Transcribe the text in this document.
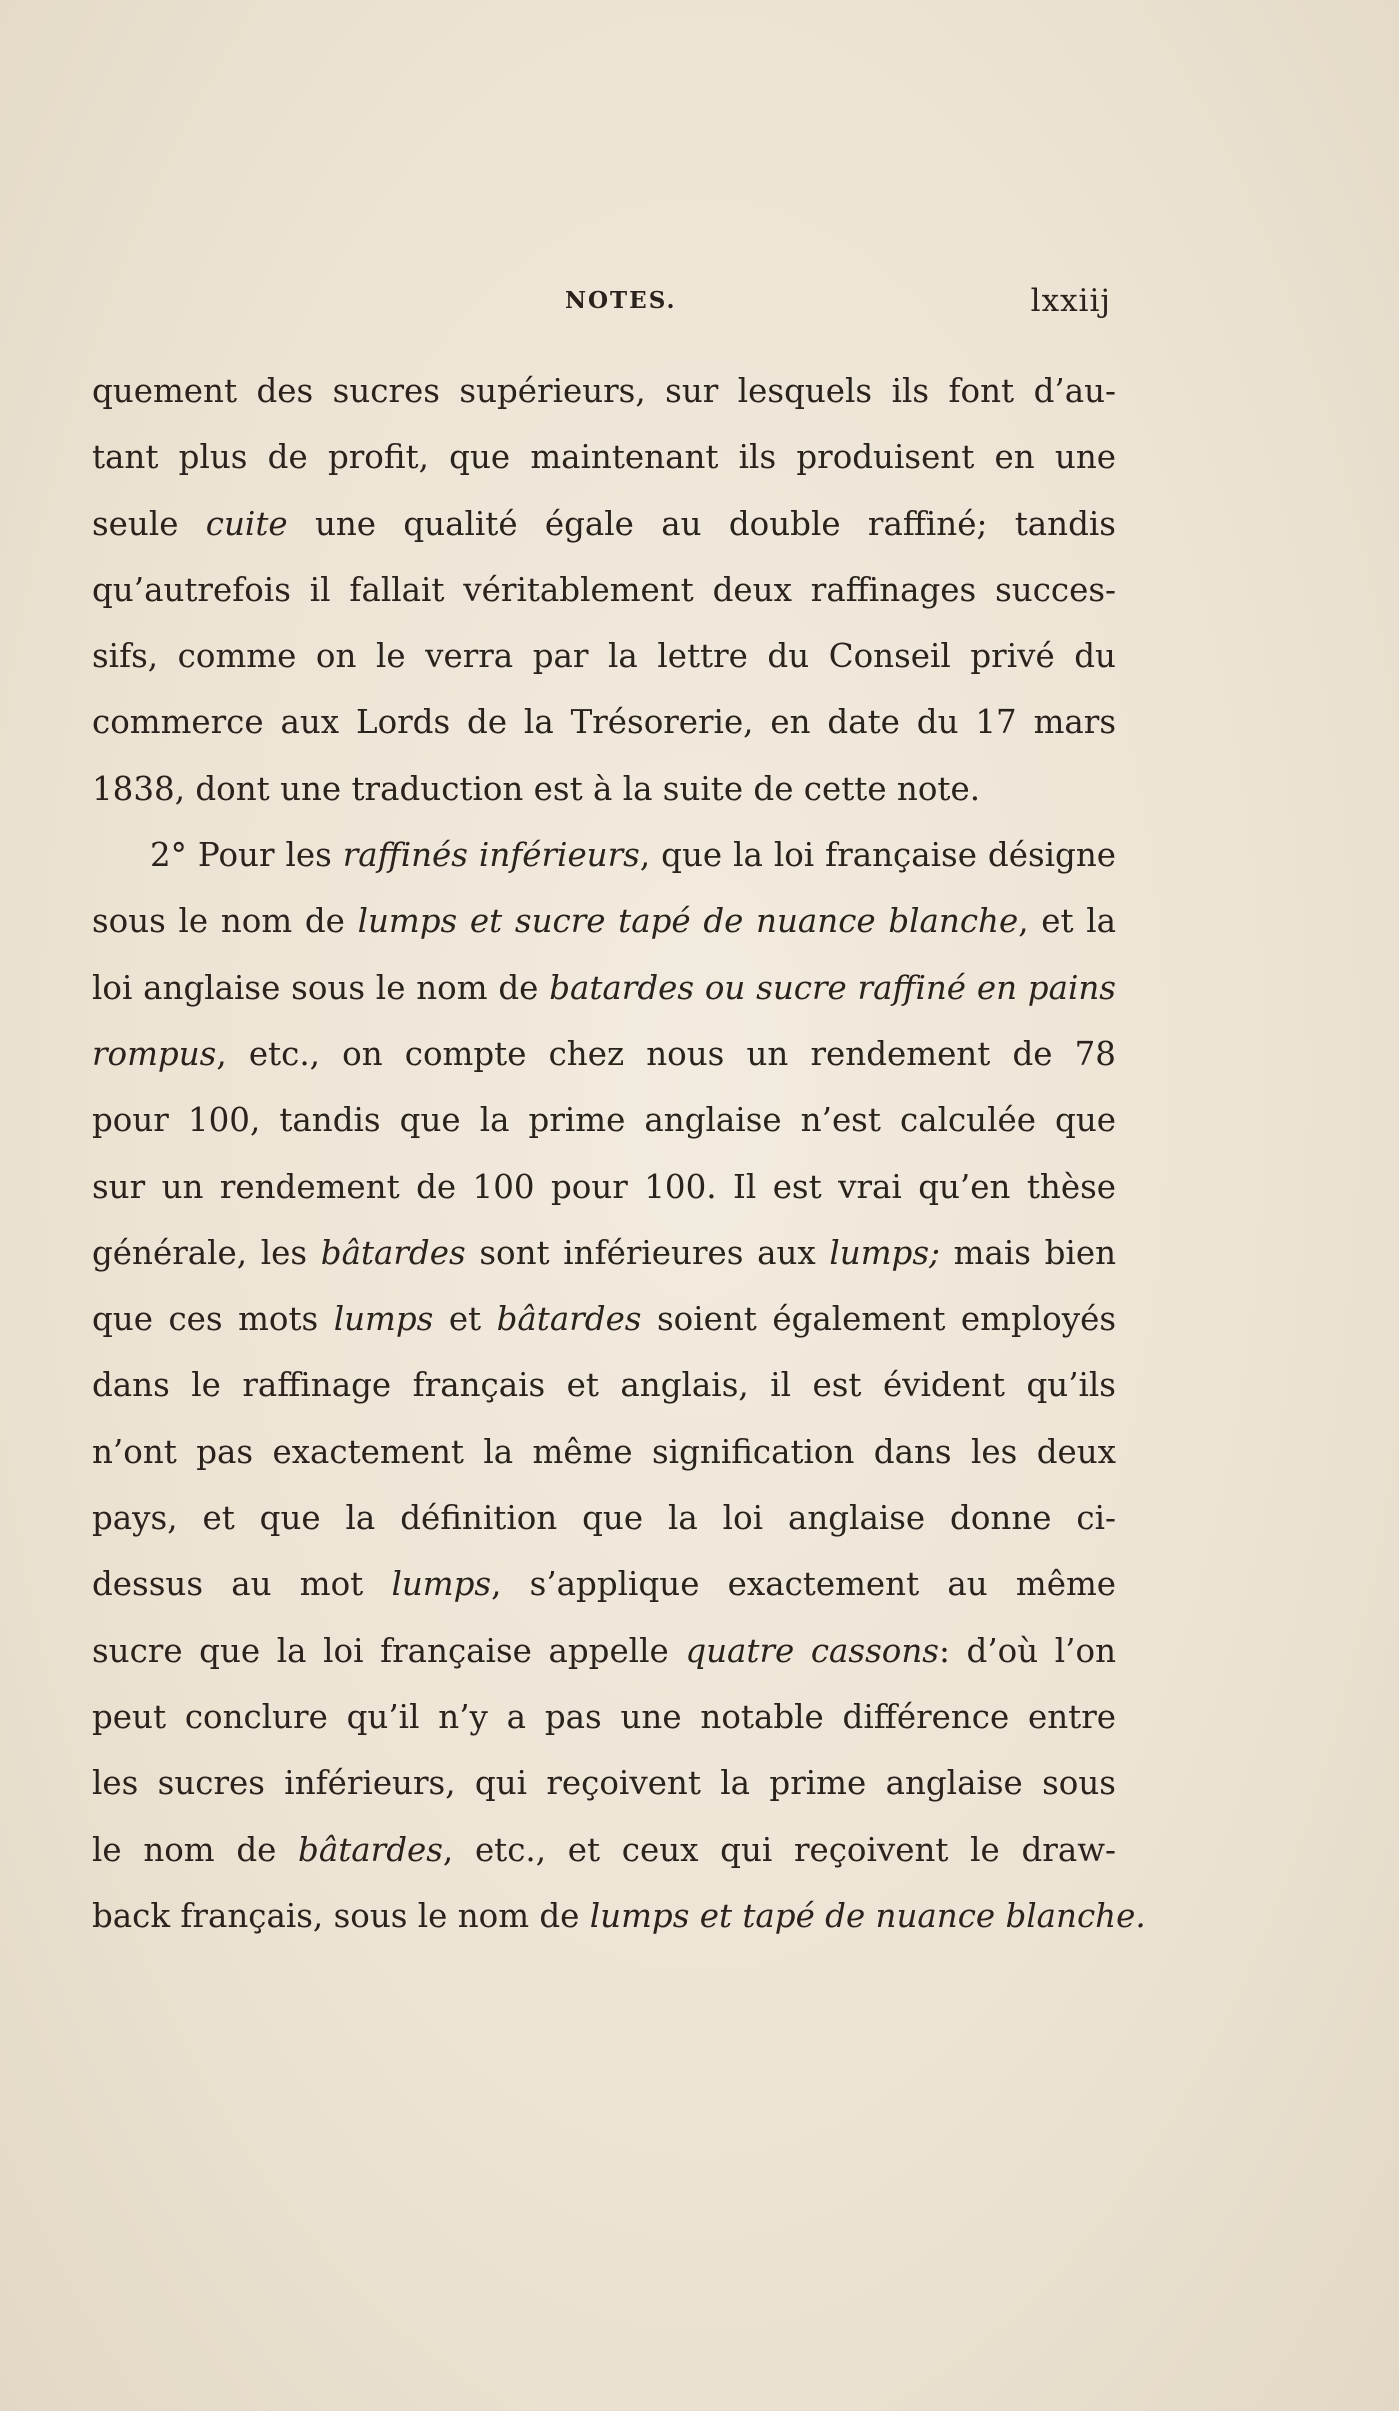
NOTES.	lxxiij
quement des sucres supérieurs, sur lesquels ils font d’au-
tant plus de profit, que maintenant ils produisent en une
seule cuite une qualité égale au double raffiné; tandis
qu’autrefois il fallait véritablement deux raffinages succes-
sifs, comme on le verra par la lettre du Conseil privé du
commerce aux Lords de la Trésorerie, en date du 17 mars
1838, dont une traduction est à la suite de cette note.
2° Pour les raffinés inférieurs, que la loi française désigne
sous le nom de lumps et sucre tapé de nuance blanche, et la
loi anglaise sous le nom de batardes ou sucre raffiné en pains
rompus, etc., on compte chez nous un rendement de 78
pour 100, tandis que la prime anglaise n’est calculée que
sur un rendement de 100 pour 100. Il est vrai qu’en thèse
générale, les bâtardes sont inférieures aux lumps; mais bien
que ces mots lumps et bâtardes soient également employés
dans le raffinage français et anglais, il est évident qu’ils
n’ont pas exactement la même signification dans les deux
pays, et que la définition que la loi anglaise donne ci-
dessus au mot lumps, s’applique exactement au même
sucre que la loi française appelle quatre cassons: d’où l’on
peut conclure qu’il n’y a pas une notable différence entre
les sucres inférieurs, qui reçoivent la prime anglaise sous
le nom de bâtardes, etc., et ceux qui reçoivent le draw-
back français, sous le nom de lumps et tapé de nuance blanche.
